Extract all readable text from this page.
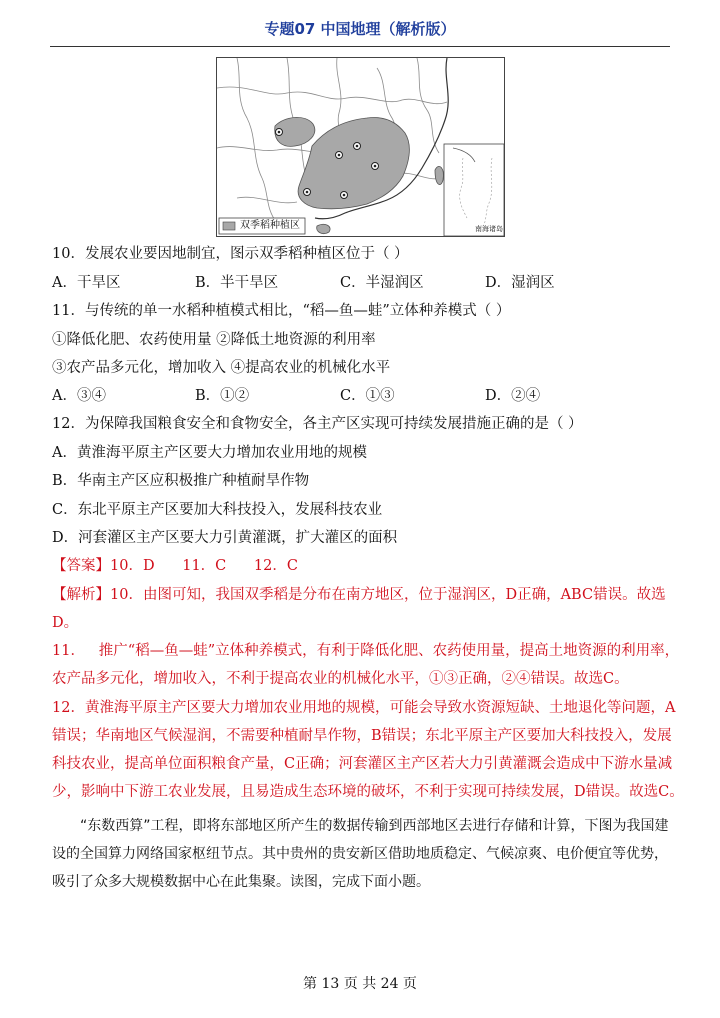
专题07 中国地理（解析版）
双季稻种植区	南海诸岛
10．发展农业要因地制宜，图示双季稻种植区位于（ ）
A．干旱区	B．半干旱区	C．半湿润区	D．湿润区
11．与传统的单一水稻种植模式相比，“稻—鱼—蛙”立体种养模式（ ）
①降低化肥、农药使用量 ②降低土地资源的利用率
③农产品多元化，增加收入 ④提高农业的机械化水平
A．③④	B．①②	C．①③	D．②④
12．为保障我国粮食安全和食物安全，各主产区实现可持续发展措施正确的是（ ）
A．黄淮海平原主产区要大力增加农业用地的规模
B．华南主产区应积极推广种植耐旱作物
C．东北平原主产区要加大科技投入，发展科技农业
D．河套灌区主产区要大力引黄灌溉，扩大灌区的面积
【答案】10．D      11．C      12．C
【解析】10．由图可知，我国双季稻是分布在南方地区，位于湿润区，D正确，ABC错误。故选
D。
11．   推广“稻—鱼—蛙”立体种养模式，有利于降低化肥、农药使用量，提高土地资源的利用率，
农产品多元化，增加收入，不利于提高农业的机械化水平，①③正确，②④错误。故选C。
12．黄淮海平原主产区要大力增加农业用地的规模，可能会导致水资源短缺、土地退化等问题，A
错误；华南地区气候湿润，不需要种植耐旱作物，B错误；东北平原主产区要加大科技投入，发展
科技农业，提高单位面积粮食产量，C正确；河套灌区主产区若大力引黄灌溉会造成中下游水量减
少，影响中下游工农业发展，且易造成生态环境的破坏，不利于实现可持续发展，D错误。故选C。
“东数西算”工程，即将东部地区所产生的数据传输到西部地区去进行存储和计算，下图为我国建设的全国算力网络国家枢纽节点。其中贵州的贵安新区借助地质稳定、气候凉爽、电价便宜等优势，吸引了众多大规模数据中心在此集聚。读图，完成下面小题。
第 13 页 共 24 页
